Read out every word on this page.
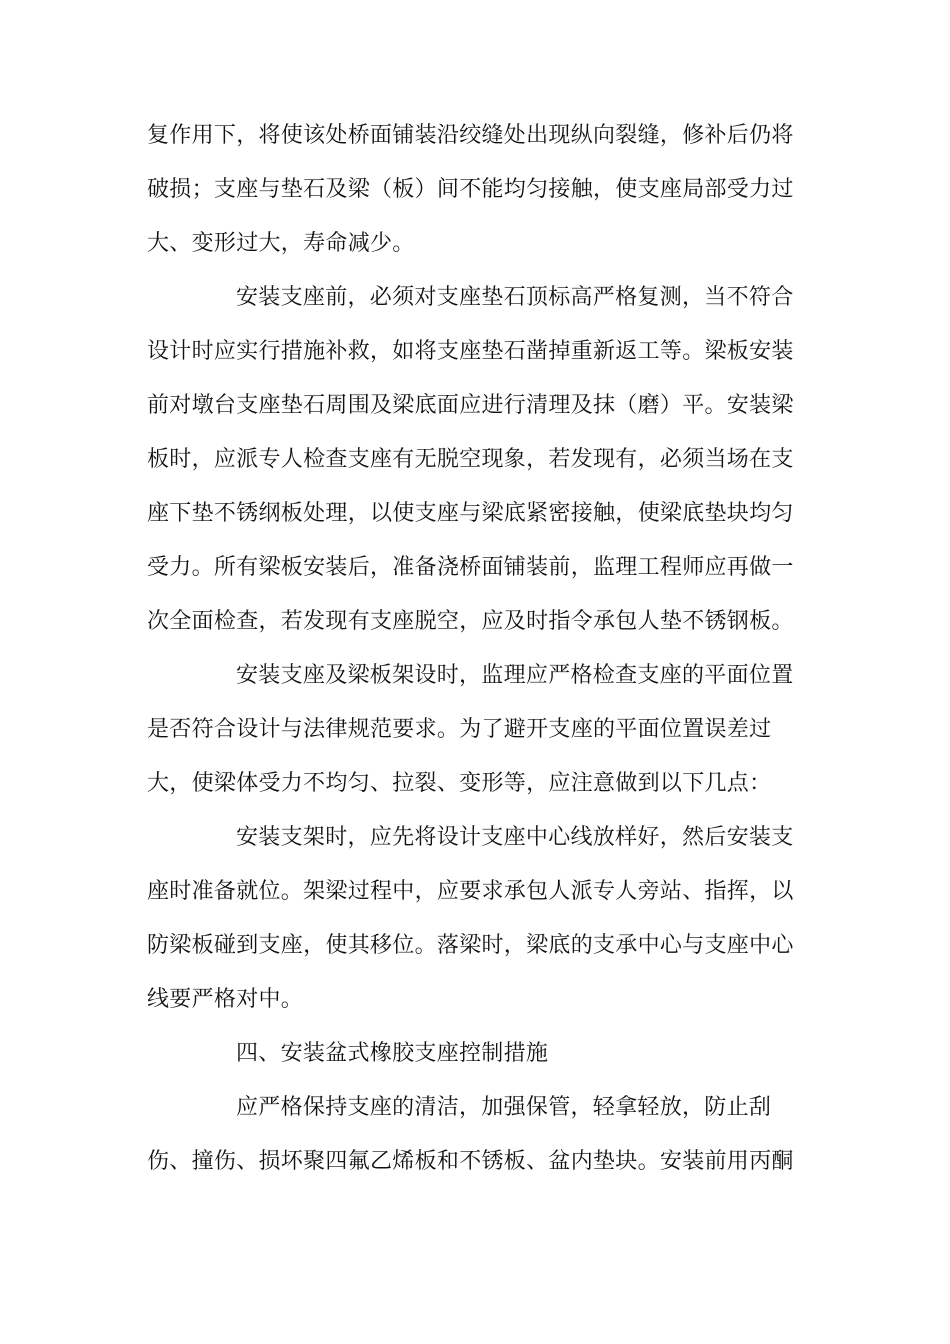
复作用下，将使该处桥面铺装沿绞缝处出现纵向裂缝，修补后仍将
破损；支座与垫石及梁（板）间不能均匀接触，使支座局部受力过
大、变形过大，寿命减少。
安装支座前，必须对支座垫石顶标高严格复测，当不符合
设计时应实行措施补救，如将支座垫石凿掉重新返工等。梁板安装
前对墩台支座垫石周围及梁底面应进行清理及抹（磨）平。安装梁
板时，应派专人检查支座有无脱空现象，若发现有，必须当场在支
座下垫不锈纲板处理，以使支座与梁底紧密接触，使梁底垫块均匀
受力。所有梁板安装后，准备浇桥面铺装前，监理工程师应再做一
次全面检查，若发现有支座脱空，应及时指令承包人垫不锈钢板。
安装支座及梁板架设时，监理应严格检查支座的平面位置
是否符合设计与法律规范要求。为了避开支座的平面位置误差过
大，使梁体受力不均匀、拉裂、变形等，应注意做到以下几点：
安装支架时，应先将设计支座中心线放样好，然后安装支
座时准备就位。架梁过程中，应要求承包人派专人旁站、指挥，以
防梁板碰到支座，使其移位。落梁时，梁底的支承中心与支座中心
线要严格对中。
四、安装盆式橡胶支座控制措施
应严格保持支座的清洁，加强保管，轻拿轻放，防止刮
伤、撞伤、损坏聚四氟乙烯板和不锈板、盆内垫块。安装前用丙酮
